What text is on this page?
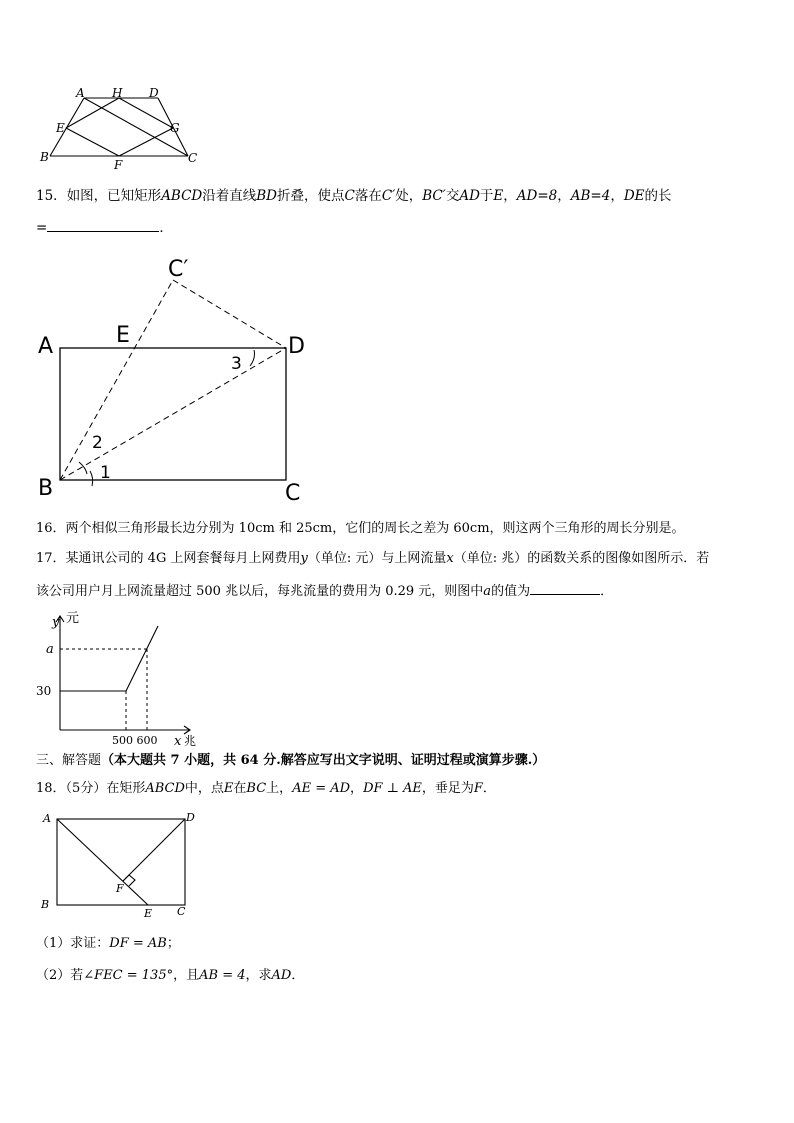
A H D
E	G
B
F	C
15．如图，已知矩形ABCD沿着直线BD折叠，使点C落在C′处，BC′交AD于E，AD=8，AB=4，DE的长
=	．
C′
A	E	D
B	C
1
2
3
16．两个相似三角形最长边分别为 10cm 和 25cm，它们的周长之差为 60cm，则这两个三角形的周长分别是。
17．某通讯公司的 4G 上网套餐每月上网费用y（单位: 元）与上网流量x（单位: 兆）的函数关系的图像如图所示．若
该公司用户月上网流量超过 500 兆以后，每兆流量的费用为 0.29 元，则图中a的值为	．
y 元
a
30
500 600 x 兆
三、解答题（本大题共 7 小题，共 64 分.解答应写出文字说明、证明过程或演算步骤.）
18．（5分）在矩形ABCD中，点E在BC上，AE = AD，DF ⊥ AE，垂足为F．
A	D
B
E C
F
（1）求证：DF = AB；
（2）若∠FEC = 135°，且AB = 4，求AD．
